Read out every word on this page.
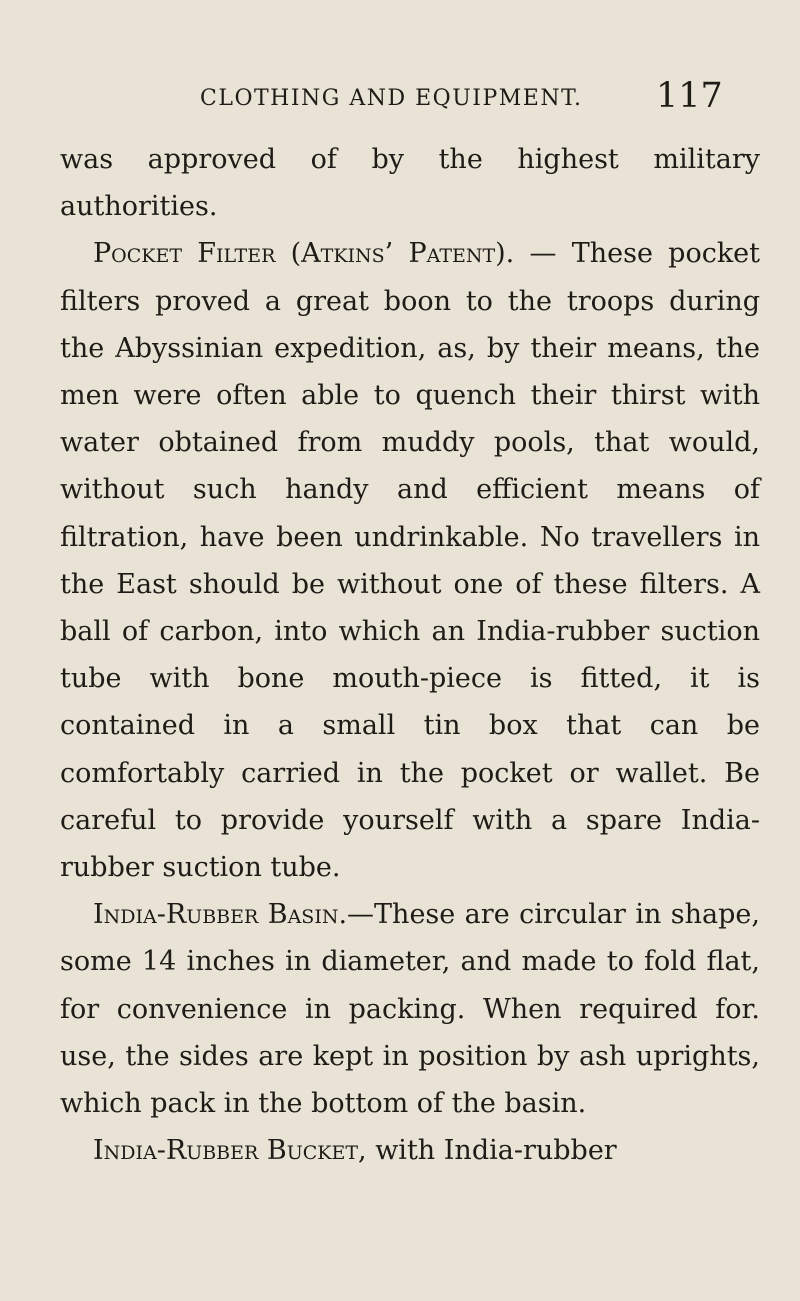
CLOTHING AND EQUIPMENT. 117

was approved of by the highest military authorities.

Pocket Filter (Atkins’ Patent). — These pocket filters proved a great boon to the troops during the Abyssinian expedition, as, by their means, the men were often able to quench their thirst with water obtained from muddy pools, that would, without such handy and efficient means of filtration, have been undrinkable. No travellers in the East should be without one of these filters. A ball of carbon, into which an India-rubber suction tube with bone mouth-piece is fitted, it is contained in a small tin box that can be comfortably carried in the pocket or wallet. Be careful to provide yourself with a spare India-rubber suction tube.

India-Rubber Basin.—These are circular in shape, some 14 inches in diameter, and made to fold flat, for convenience in packing. When required for. use, the sides are kept in position by ash uprights, which pack in the bottom of the basin.

India-Rubber Bucket, with India-rubber
